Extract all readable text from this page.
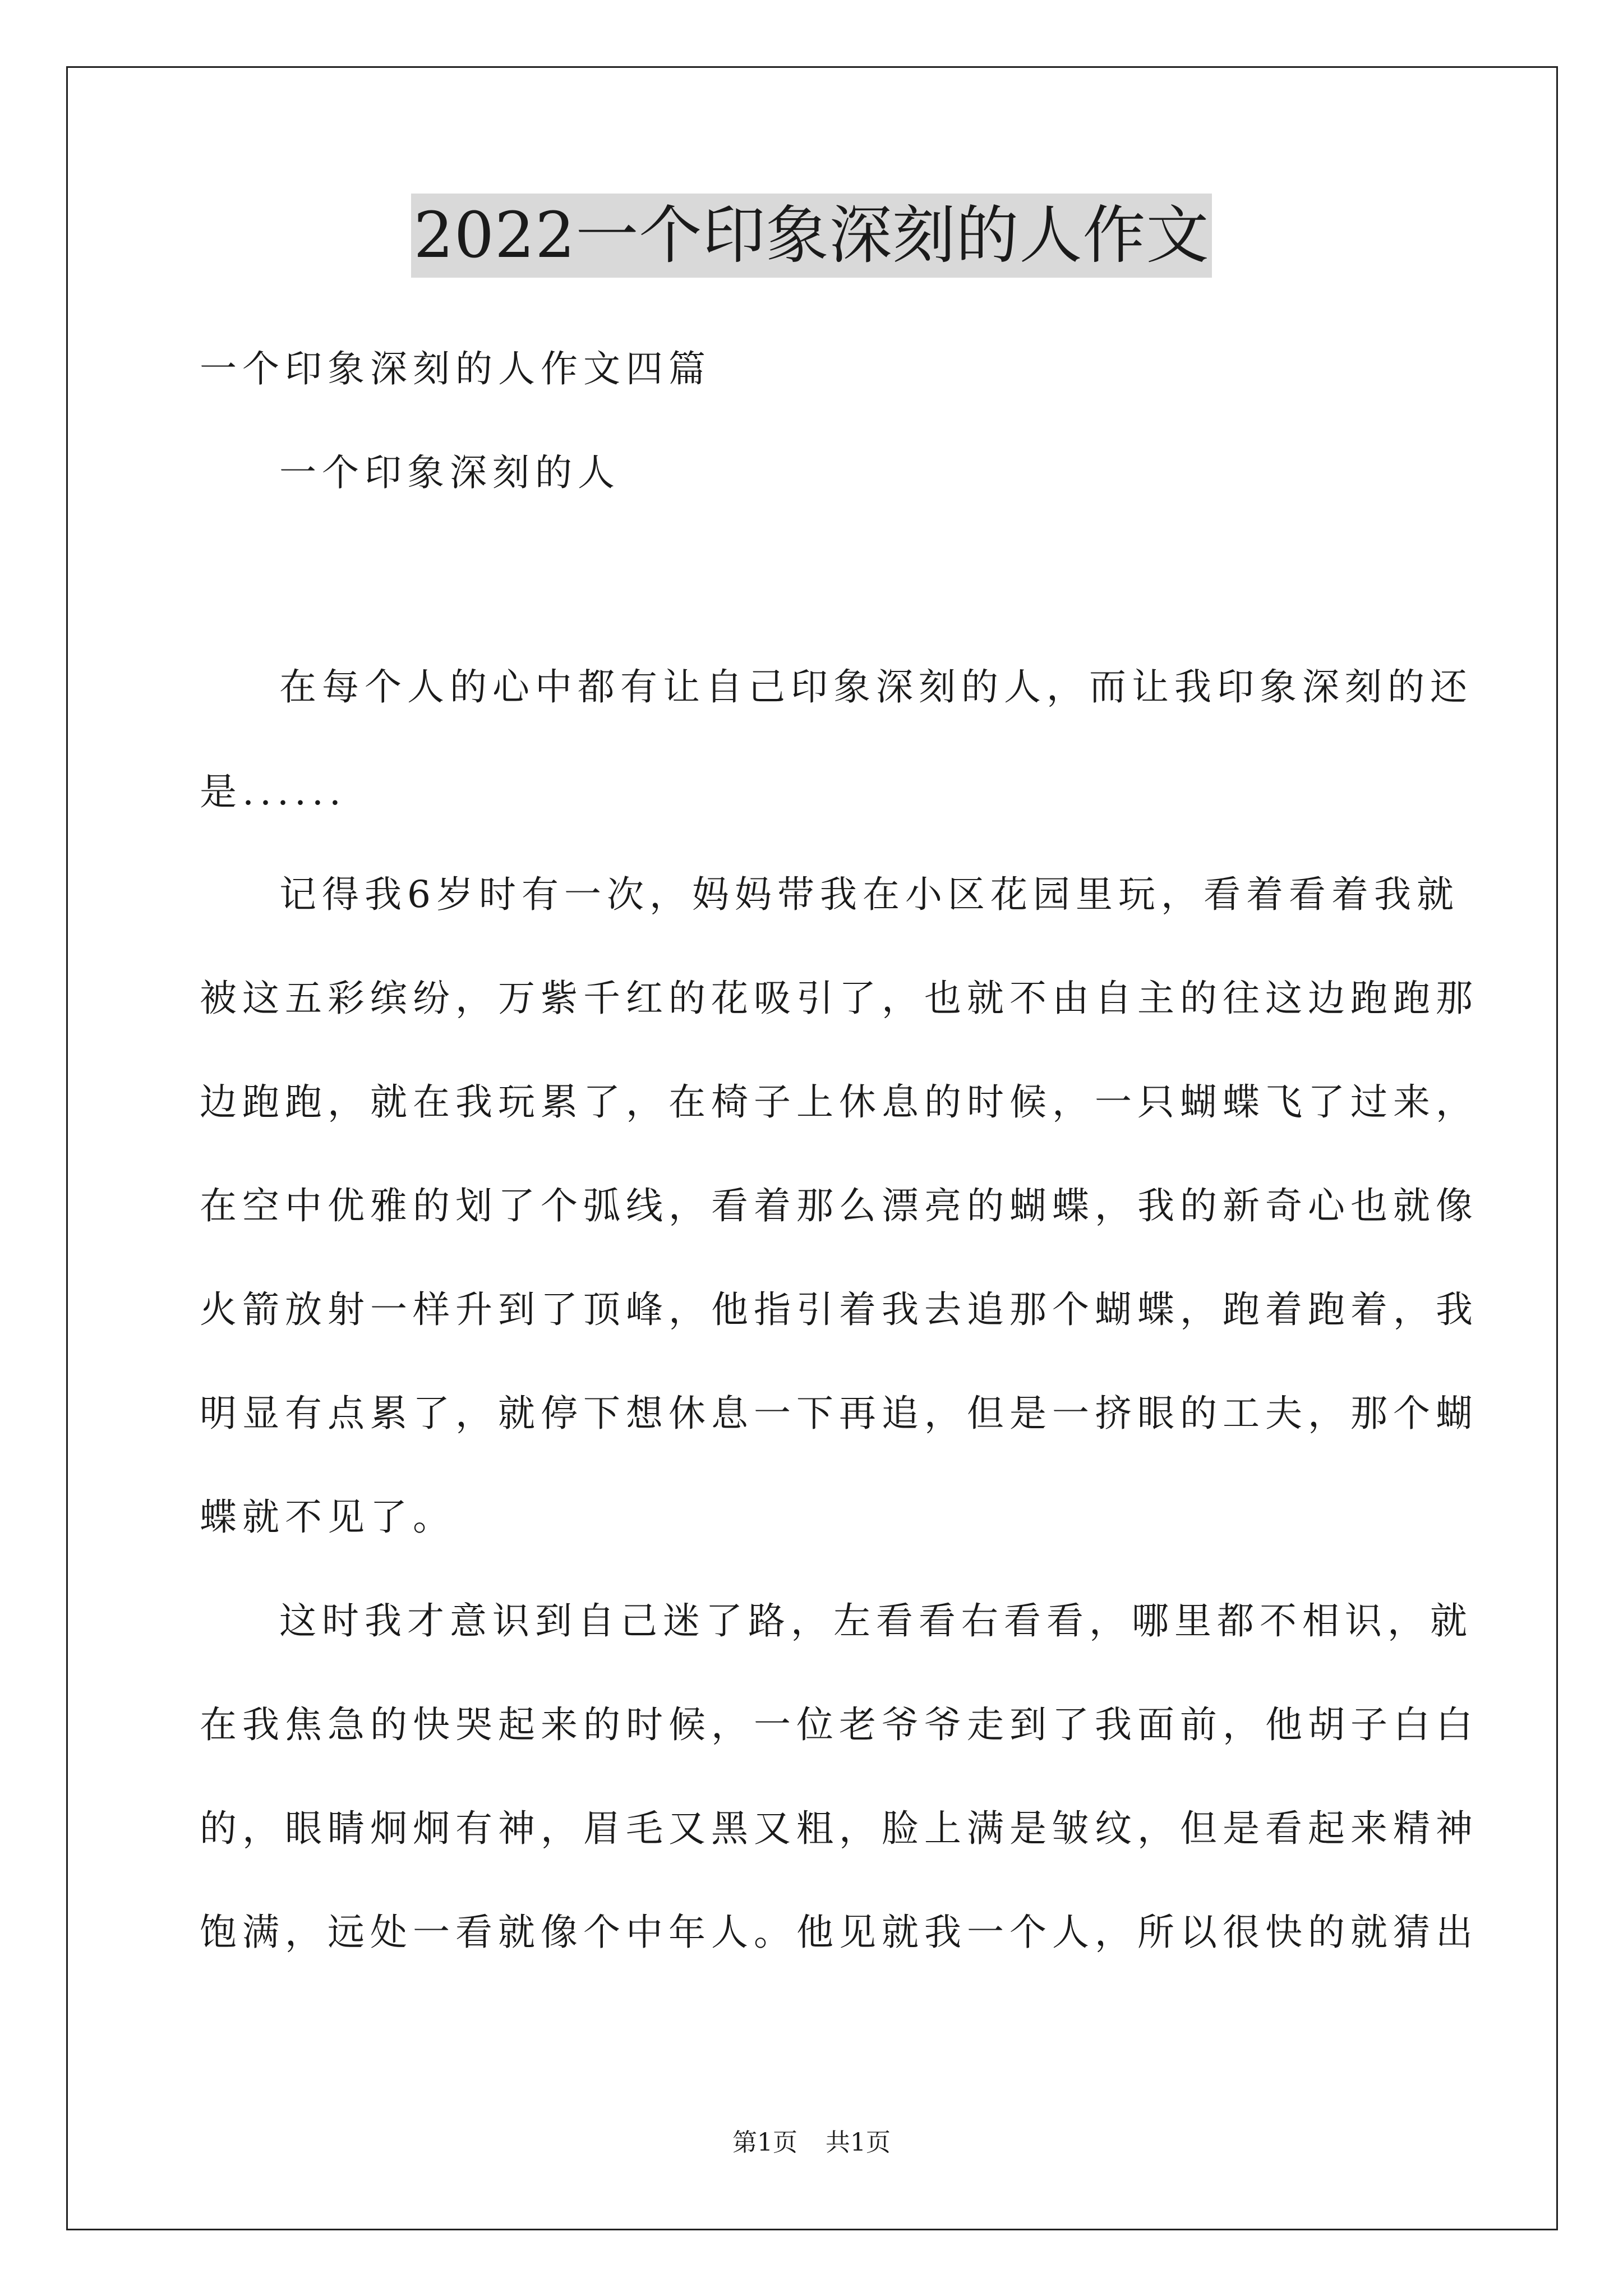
2022一个印象深刻的人作文
一个印象深刻的人作文四篇
一个印象深刻的人
在每个人的心中都有让自己印象深刻的人，而让我印象深刻的还
是......
记得我6岁时有一次，妈妈带我在小区花园里玩，看着看着我就
被这五彩缤纷，万紫千红的花吸引了，也就不由自主的往这边跑跑那
边跑跑，就在我玩累了，在椅子上休息的时候，一只蝴蝶飞了过来，
在空中优雅的划了个弧线，看着那么漂亮的蝴蝶，我的新奇心也就像
火箭放射一样升到了顶峰，他指引着我去追那个蝴蝶，跑着跑着，我
明显有点累了，就停下想休息一下再追，但是一挤眼的工夫，那个蝴
蝶就不见了。
这时我才意识到自己迷了路，左看看右看看，哪里都不相识，就
在我焦急的快哭起来的时候，一位老爷爷走到了我面前，他胡子白白
的，眼睛炯炯有神，眉毛又黑又粗，脸上满是皱纹，但是看起来精神
饱满，远处一看就像个中年人。他见就我一个人，所以很快的就猜出
第1页 共1页
